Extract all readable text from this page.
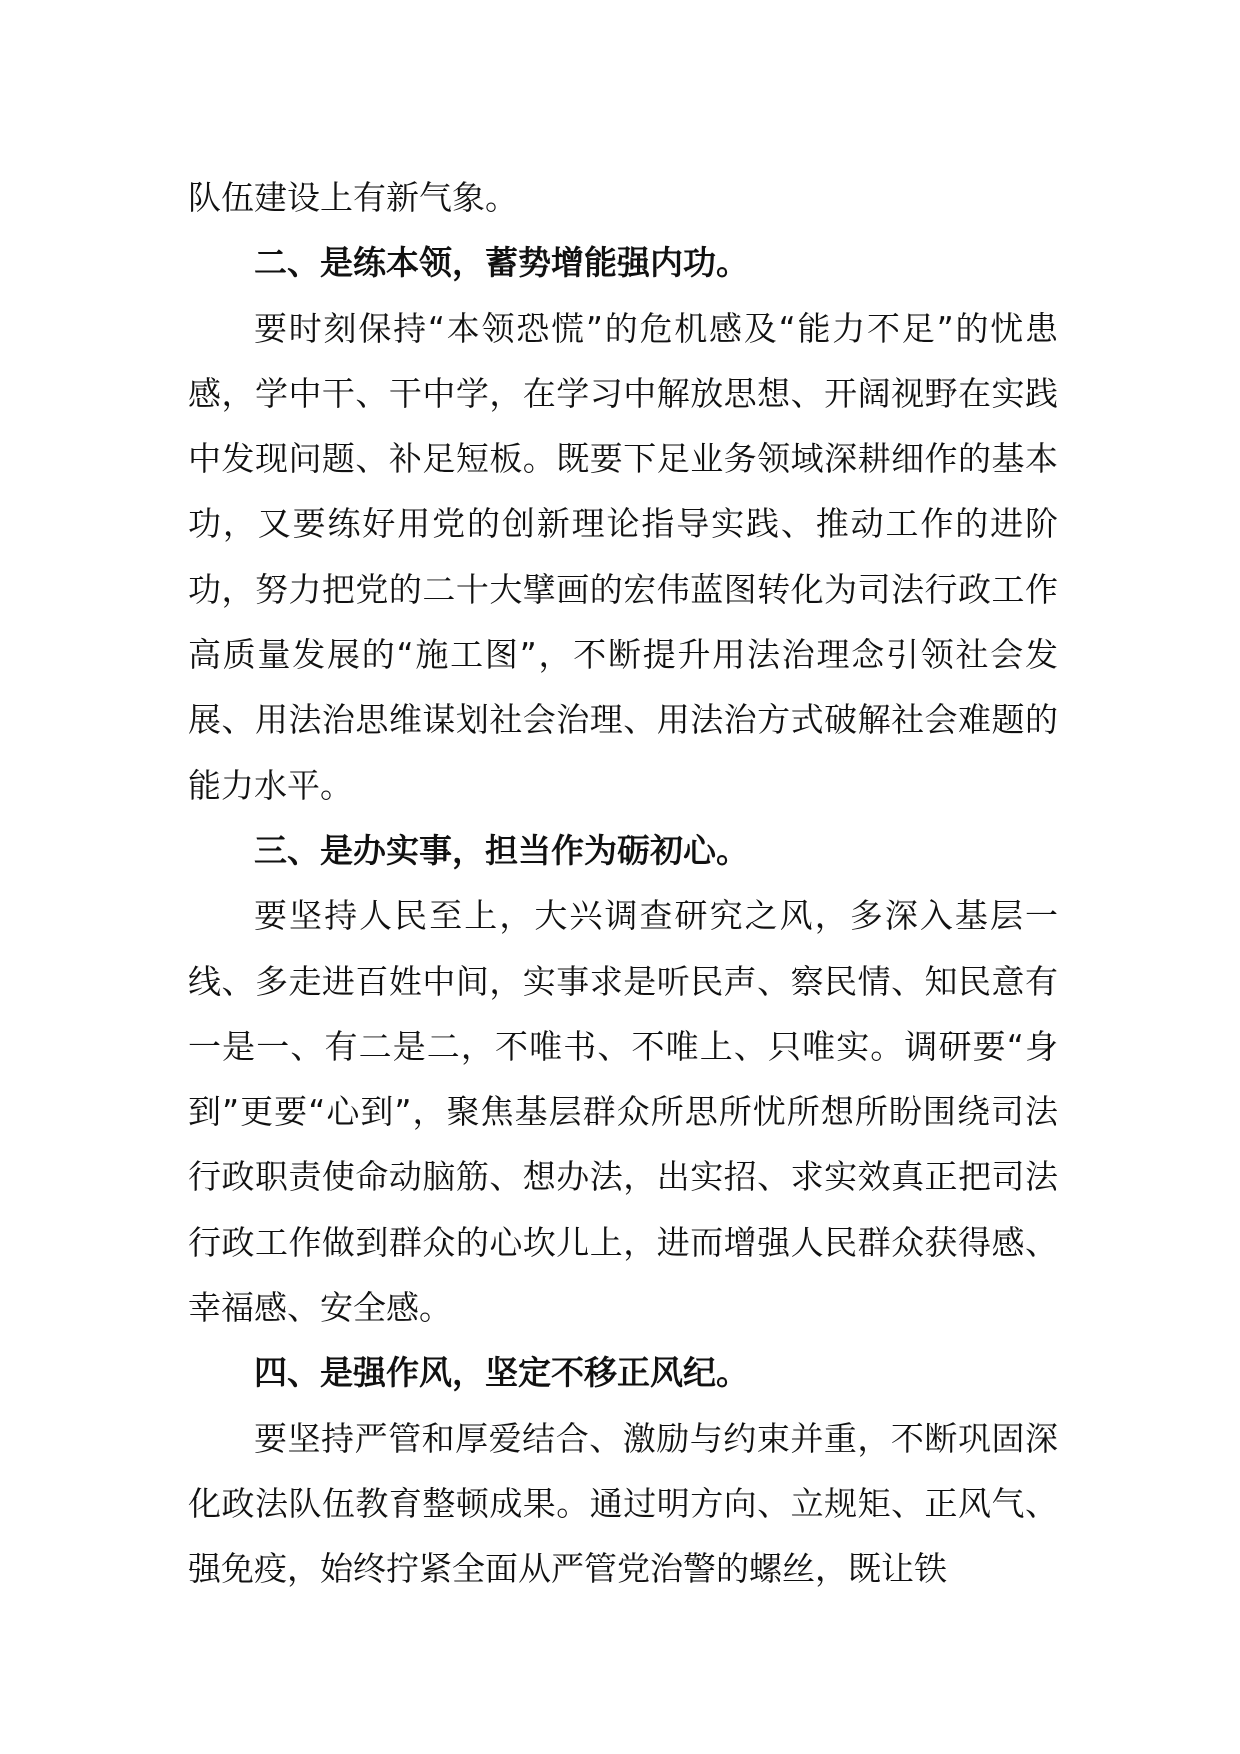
队伍建设上有新气象。

二、是练本领，蓄势增能强内功。

要时刻保持“本领恐慌”的危机感及“能力不足”的忧患感，学中干、干中学，在学习中解放思想、开阔视野在实践中发现问题、补足短板。既要下足业务领域深耕细作的基本功，又要练好用党的创新理论指导实践、推动工作的进阶功，努力把党的二十大擘画的宏伟蓝图转化为司法行政工作高质量发展的“施工图”，不断提升用法治理念引领社会发展、用法治思维谋划社会治理、用法治方式破解社会难题的能力水平。

三、是办实事，担当作为砺初心。

要坚持人民至上，大兴调查研究之风，多深入基层一线、多走进百姓中间，实事求是听民声、察民情、知民意有一是一、有二是二，不唯书、不唯上、只唯实。调研要“身到”更要“心到”，聚焦基层群众所思所忧所想所盼围绕司法行政职责使命动脑筋、想办法，出实招、求实效真正把司法行政工作做到群众的心坎儿上，进而增强人民群众获得感、幸福感、安全感。

四、是强作风，坚定不移正风纪。

要坚持严管和厚爱结合、激励与约束并重，不断巩固深化政法队伍教育整顿成果。通过明方向、立规矩、正风气、强免疫，始终拧紧全面从严管党治警的螺丝，既让铁
